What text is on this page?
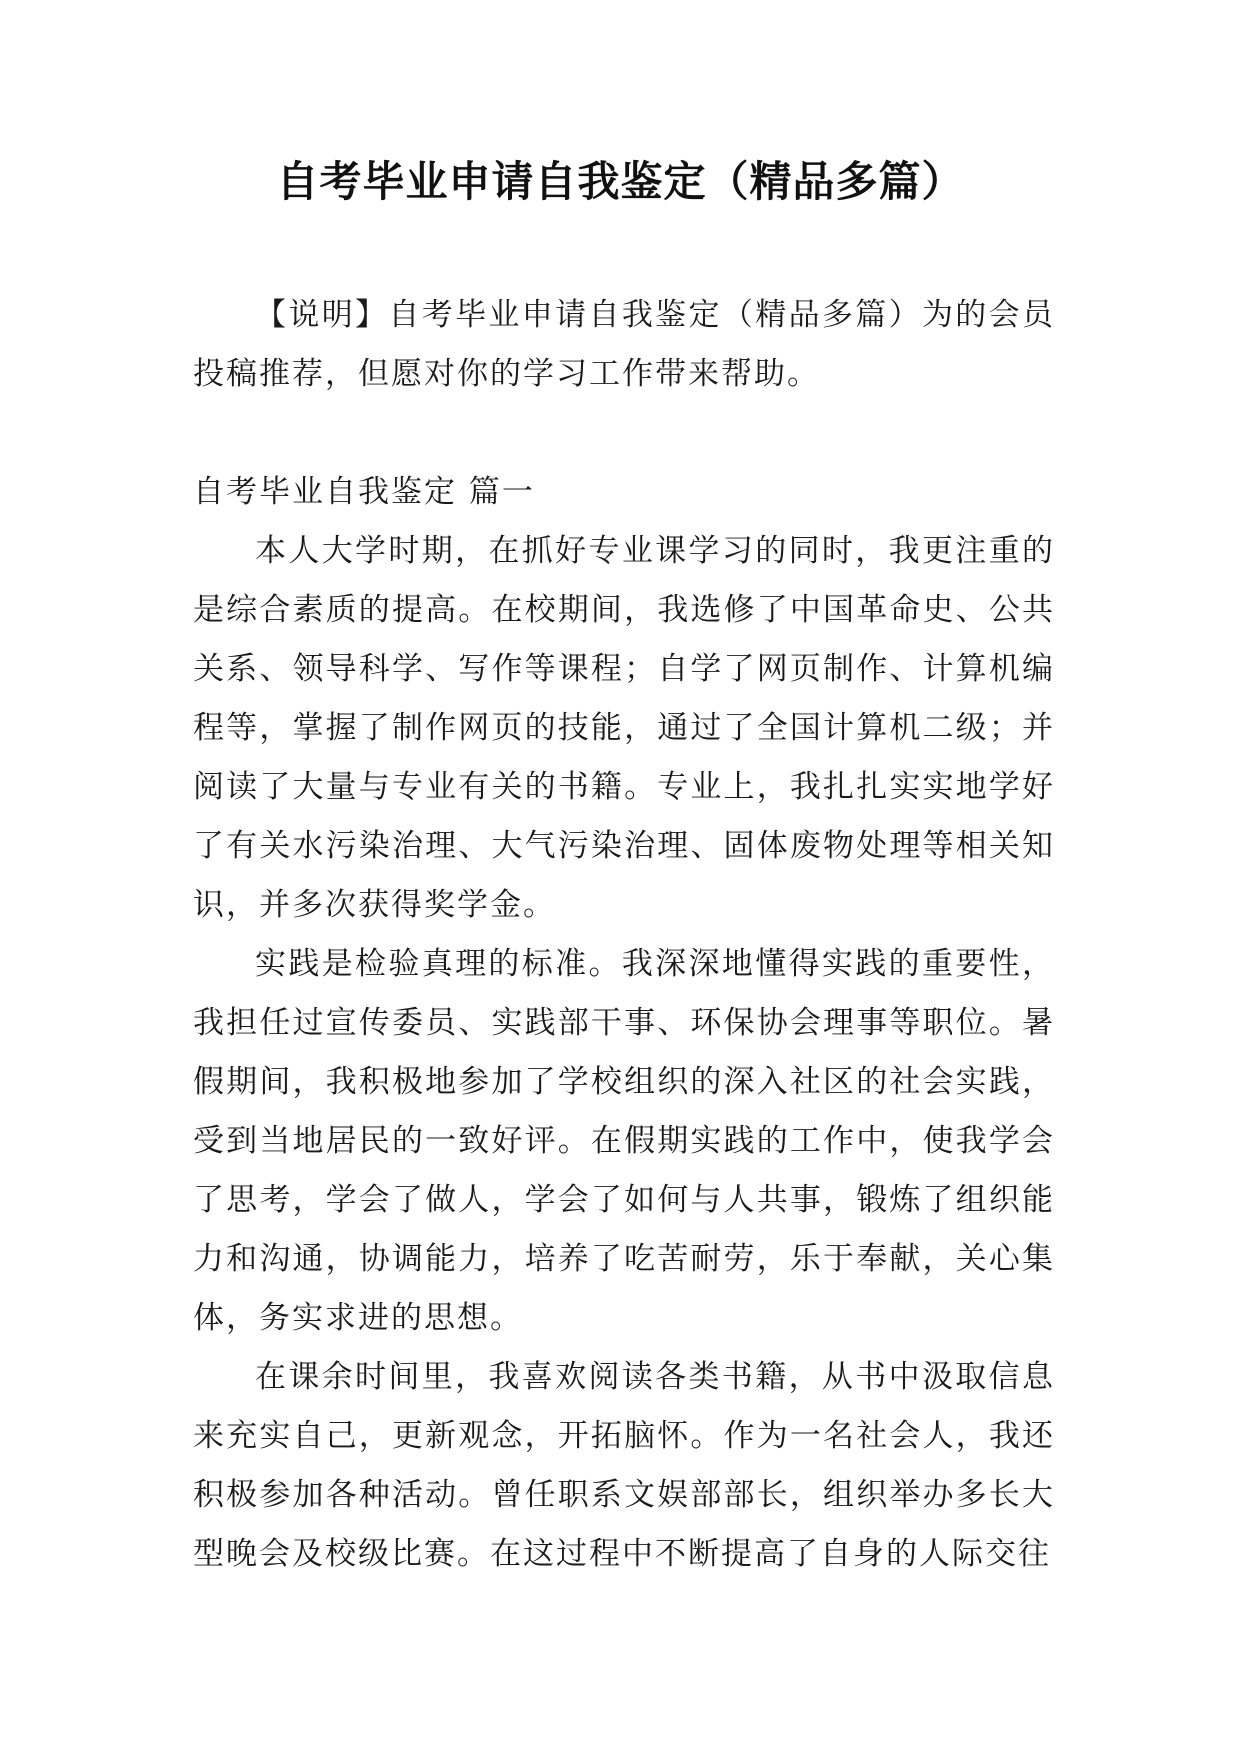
自考毕业申请自我鉴定（精品多篇）

【说明】自考毕业申请自我鉴定（精品多篇）为的会员投稿推荐，但愿对你的学习工作带来帮助。

自考毕业自我鉴定 篇一

本人大学时期，在抓好专业课学习的同时，我更注重的是综合素质的提高。在校期间，我选修了中国革命史、公共关系、领导科学、写作等课程；自学了网页制作、计算机编程等，掌握了制作网页的技能，通过了全国计算机二级；并阅读了大量与专业有关的书籍。专业上，我扎扎实实地学好了有关水污染治理、大气污染治理、固体废物处理等相关知识，并多次获得奖学金。

实践是检验真理的标准。我深深地懂得实践的重要性，我担任过宣传委员、实践部干事、环保协会理事等职位。暑假期间，我积极地参加了学校组织的深入社区的社会实践，受到当地居民的一致好评。在假期实践的工作中，使我学会了思考，学会了做人，学会了如何与人共事，锻炼了组织能力和沟通，协调能力，培养了吃苦耐劳，乐于奉献，关心集体，务实求进的思想。

在课余时间里，我喜欢阅读各类书籍，从书中汲取信息来充实自己，更新观念，开拓脑怀。作为一名社会人，我还积极参加各种活动。曾任职系文娱部部长，组织举办多长大型晚会及校级比赛。在这过程中不断提高了自身的人际交往
